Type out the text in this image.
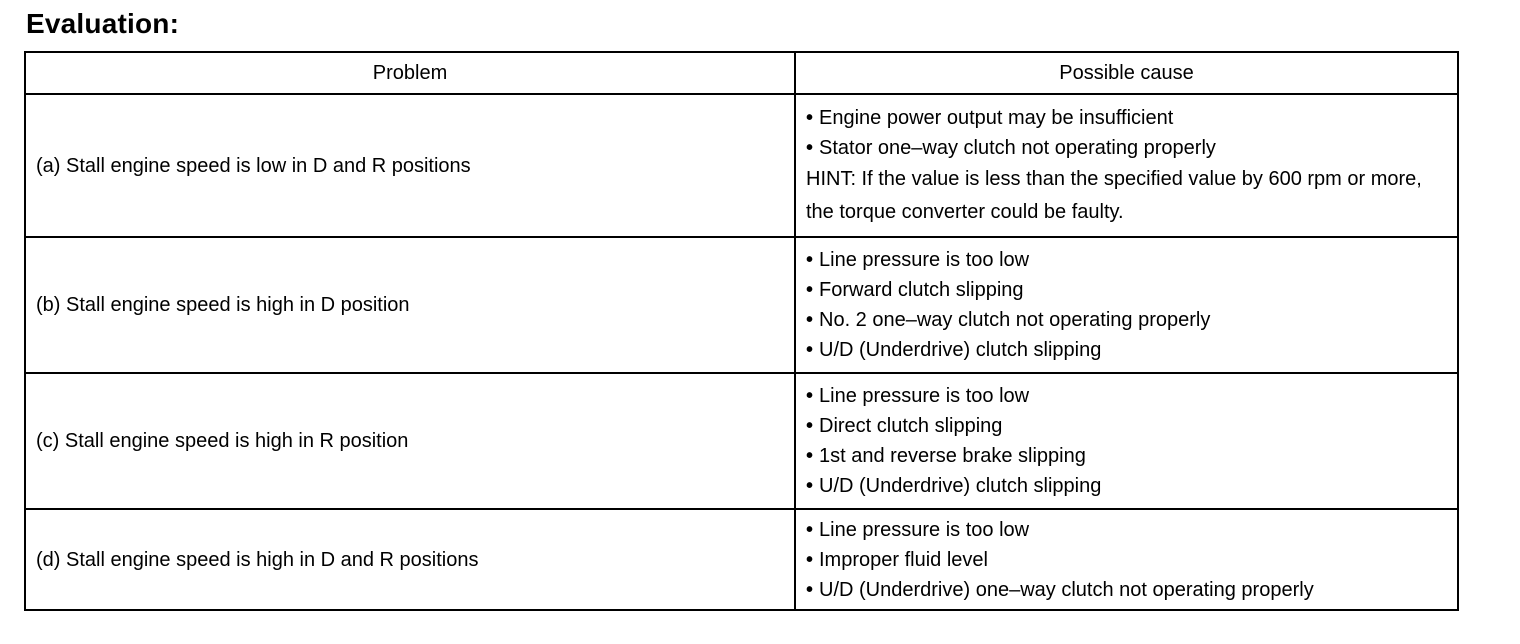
Evaluation:
Problem	Possible cause
(a) Stall engine speed is low in D and R positions	• Engine power output may be insufficient
• Stator one–way clutch not operating properly
HINT: If the value is less than the specified value by 600 rpm or more, the torque converter could be faulty.

(b) Stall engine speed is high in D position	• Line pressure is too low
• Forward clutch slipping
• No. 2 one–way clutch not operating properly
• U/D (Underdrive) clutch slipping

(c) Stall engine speed is high in R position	• Line pressure is too low
• Direct clutch slipping
• 1st and reverse brake slipping
• U/D (Underdrive) clutch slipping

(d) Stall engine speed is high in D and R positions	• Line pressure is too low
• Improper fluid level
• U/D (Underdrive) one–way clutch not operating properly
